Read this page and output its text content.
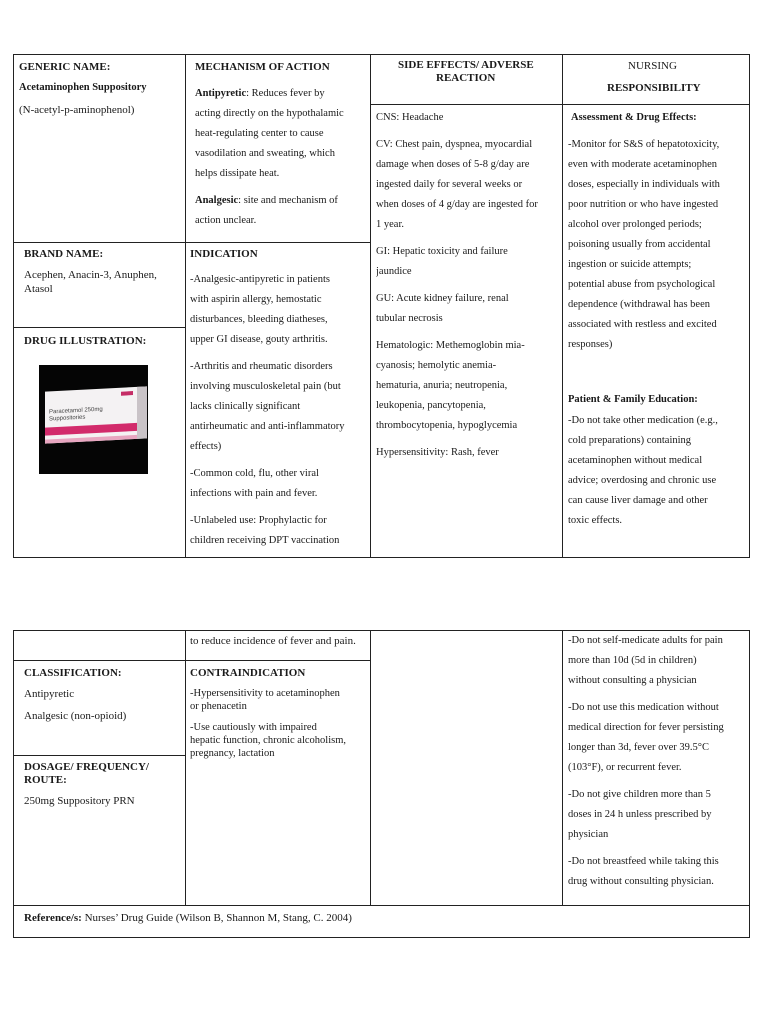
GENERIC NAME:
Acetaminophen Suppository
(N-acetyl-p-aminophenol)
MECHANISM OF ACTION

Antipyretic: Reduces fever by

acting directly on the hypothalamic

heat-regulating center to cause

vasodilation and sweating, which

helps dissipate heat.

Analgesic: site and mechanism of

action unclear.

SIDE EFFECTS/ ADVERSE
REACTION

CNS: Headache

CV: Chest pain, dyspnea, myocardial

damage when doses of 5-8 g/day are

ingested daily for several weeks or

when doses of 4 g/day are ingested for

1 year.

GI: Hepatic toxicity and failure

jaundice

GU: Acute kidney failure, renal

tubular necrosis

Hematologic: Methemoglobin mia-

cyanosis; hemolytic anemia-

hematuria, anuria; neutropenia,

leukopenia, pancytopenia,

thrombocytopenia, hypoglycemia

Hypersensitivity: Rash, fever

NURSING
RESPONSIBILITY

Assessment & Drug Effects:

-Monitor for S&S of hepatotoxicity,

even with moderate acetaminophen

doses, especially in individuals with

poor nutrition or who have ingested

alcohol over prolonged periods;

poisoning usually from accidental

ingestion or suicide attempts;

potential abuse from psychological

dependence (withdrawal has been

associated with restless and excited

responses)

Patient & Family Education:

-Do not take other medication (e.g.,

cold preparations) containing

acetaminophen without medical

advice; overdosing and chronic use

can cause liver damage and other

toxic effects.

BRAND NAME:
Acephen, Anacin-3, Anuphen,
Atasol
INDICATION

-Analgesic-antipyretic in patients

with aspirin allergy, hemostatic

disturbances, bleeding diatheses,

upper GI disease, gouty arthritis.

-Arthritis and rheumatic disorders

involving musculoskeletal pain (but

lacks clinically significant

antirheumatic and anti-inflammatory

effects)

-Common cold, flu, other viral

infections with pain and fever.

-Unlabeled use: Prophylactic for

children receiving DPT vaccination

DRUG ILLUSTRATION:
Paracetamol 250mg
Suppositories
to reduce incidence of fever and pain.
CLASSIFICATION:
Antipyretic
Analgesic (non-opioid)
DOSAGE/ FREQUENCY/
ROUTE:
250mg Suppository PRN
CONTRAINDICATION

-Hypersensitivity to acetaminophen

or phenacetin

-Use cautiously with impaired

hepatic function, chronic alcoholism,

pregnancy, lactation

-Do not self-medicate adults for pain

more than 10d (5d in children)

without consulting a physician

-Do not use this medication without

medical direction for fever persisting

longer than 3d, fever over 39.5°C

(103°F), or recurrent fever.

-Do not give children more than 5

doses in 24 h unless prescribed by

physician

-Do not breastfeed while taking this

drug without consulting physician.

Reference/s: Nurses’ Drug Guide (Wilson B, Shannon M, Stang, C. 2004)
